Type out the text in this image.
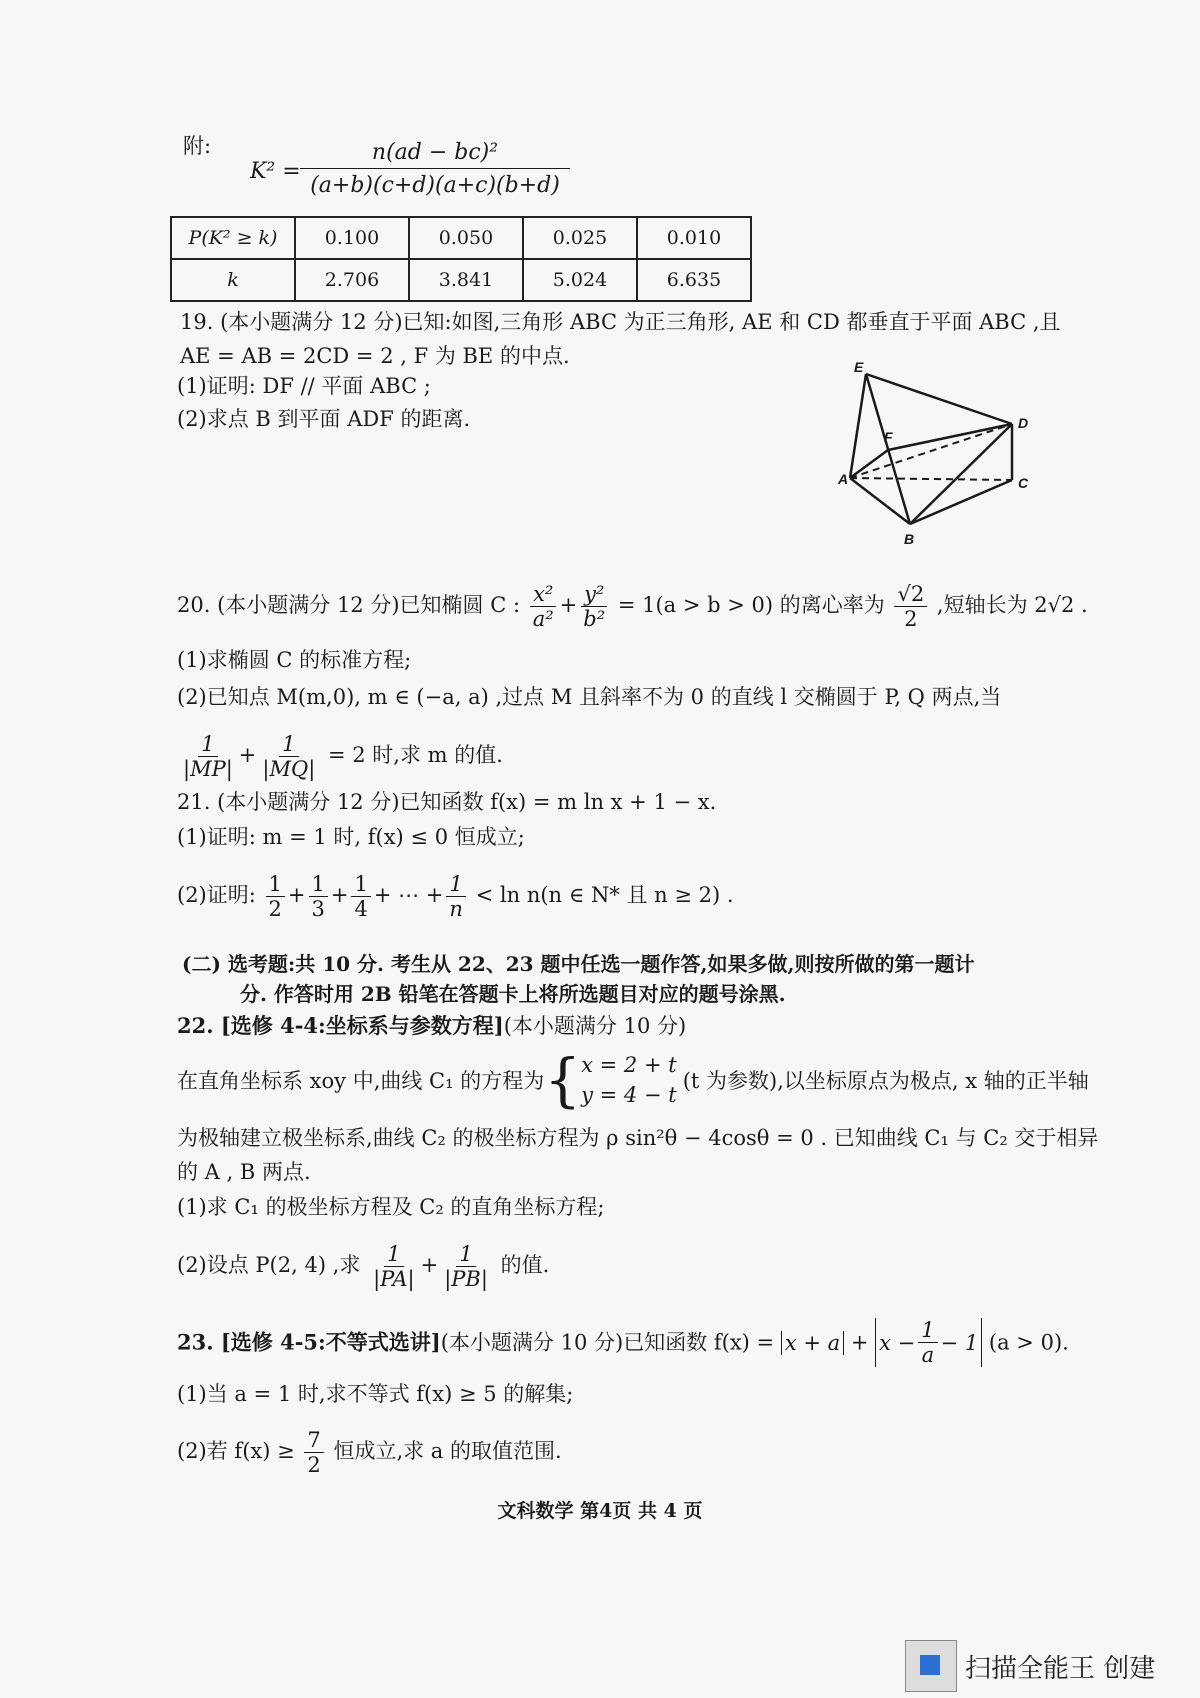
附:
$K^2 = \frac{\text{n(ad − bc)²}}{(a+b)(c+d)(a+c)(b+d)}$
P(K² ≥ k)	0.100	0.050	0.025	0.010
k	2.706	3.841	5.024	6.635
19. (本小题满分 12 分)已知:如图,三角形 ABC 为正三角形, AE 和 CD 都垂直于平面 ABC ,且
AE = AB = 2CD = 2 , F 为 BE 的中点.
(1)证明: DF // 平面 ABC ;
(2)求点 B 到平面 ADF 的距离.
E
D
F
A	C
B
20. (本小题满分 12 分)已知椭圆 C : $\frac{\text{x²}}{\text{a²}} + \frac{\text{y²}}{\text{b²}} = 1(a > b > 0)$ 的离心率为 $\frac{√2}{2}$ ,短轴长为 2√2 .
(1)求椭圆 C 的标准方程;
(2)已知点 M(m,0), m ∈ (−a, a) ,过点 M 且斜率不为 0 的直线 l 交椭圆于 P, Q 两点,当
$\frac{1}{|MP|} + \frac{1}{|MQ|} = 2$ 时,求 m 的值.
21. (本小题满分 12 分)已知函数 f(x) = m ln x + 1 − x.
(1)证明: m = 1 时, f(x) ≤ 0 恒成立;
(2)证明: $\frac{1}{2} + \frac{1}{3} + \frac{1}{4}$ + ⋯ + $\frac{1}{n} < \ln n(n$ ∈ N* 且 n ≥ 2) .
(二) 选考题:共 10 分. 考生从 22、23 题中任选一题作答,如果多做,则按所做的第一题计
分. 作答时用 2B 铅笔在答题卡上将所选题目对应的题号涂黑.
22. [选修 4-4:坐标系与参数方程](本小题满分 10 分)
在直角坐标系 xoy 中,曲线 C₁ 的方程为 { x = 2 + t
y = 4 − t
(t 为参数) ,以坐标原点为极点, x 轴的正半轴
为极轴建立极坐标系,曲线 C₂ 的极坐标方程为 ρ sin²θ − 4cosθ = 0 . 已知曲线 C₁ 与 C₂ 交于相异
的 A , B 两点.
(1)求 C₁ 的极坐标方程及 C₂ 的直角坐标方程;
(2)设点 P(2, 4) ,求 $\frac{1}{|PA|} + \frac{1}{|PB|}$ 的值.
23. [选修 4-5:不等式选讲](本小题满分 10 分)已知函数 $f(x) = x + a + x - \frac{1}{a} - 1$ (a > 0).
(1)当 a = 1 时,求不等式 f(x) ≥ 5 的解集;
(2)若 $f(x) \ge \frac{7}{2}$ 恒成立,求 a 的取值范围.
文科数学 第4页 共 4 页
扫描全能王 创建
